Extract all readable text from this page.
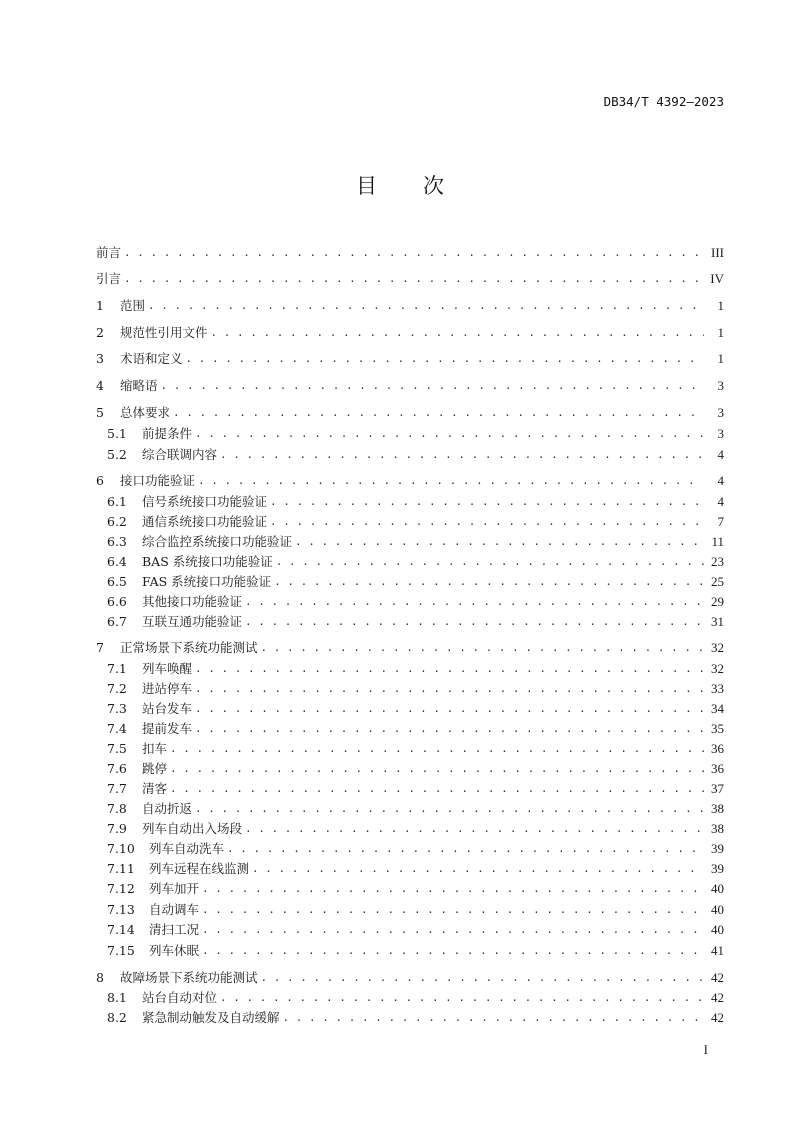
DB34/T 4392—2023
目 次
前言 . . .	III
引言 . . .	IV
1	范围 . . .	1
2	规范性引用文件 . . .	1
3	术语和定义 . . .	1
4	缩略语 . . .	3
5	总体要求 . . .	3
5.1	前提条件 . . .	3
5.2	综合联调内容 . . .	4
6	接口功能验证 . . .	4
6.1	信号系统接口功能验证 . . .	4
6.2	通信系统接口功能验证 . . .	7
6.3	综合监控系统接口功能验证 . . .	11
6.4	BAS 系统接口功能验证 . . .	23
6.5	FAS 系统接口功能验证 . . .	25
6.6	其他接口功能验证 . . .	29
6.7	互联互通功能验证 . . .	31
7	正常场景下系统功能测试 . . .	32
7.1	列车唤醒 . . .	32
7.2	进站停车 . . .	33
7.3	站台发车 . . .	34
7.4	提前发车 . . .	35
7.5	扣车 . . .	36
7.6	跳停 . . .	36
7.7	清客 . . .	37
7.8	自动折返 . . .	38
7.9	列车自动出入场段 . . .	38
7.10	列车自动洗车 . . .	39
7.11	列车远程在线监测 . . .	39
7.12	列车加开 . . .	40
7.13	自动调车 . . .	40
7.14	清扫工况 . . .	40
7.15	列车休眠 . . .	41
8	故障场景下系统功能测试 . . .	42
8.1	站台自动对位 . . .	42
8.2	紧急制动触发及自动缓解 . . .	42
I
